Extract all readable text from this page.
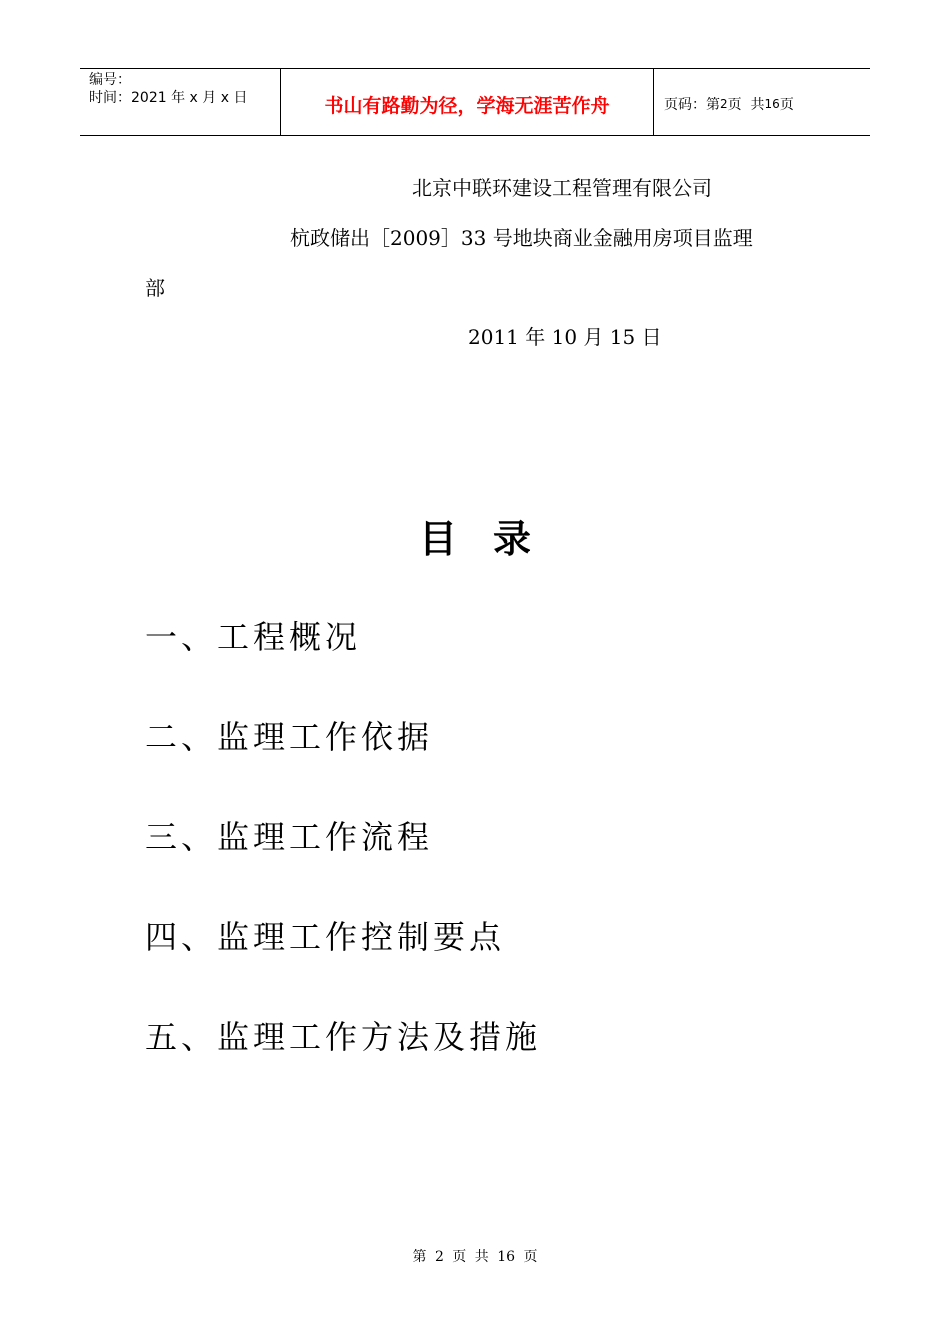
编号：
时间：2021 年 x 月 x 日	书山有路勤为径，学海无涯苦作舟	页码：第 2 页  共 16 页
北京中联环建设工程管理有限公司
杭政储出［2009］33 号地块商业金融用房项目监理
部
2011 年 10 月 15 日
目录
一、工程概况
二、监理工作依据
三、监理工作流程
四、监理工作控制要点
五、监理工作方法及措施
第 2 页 共 16 页
